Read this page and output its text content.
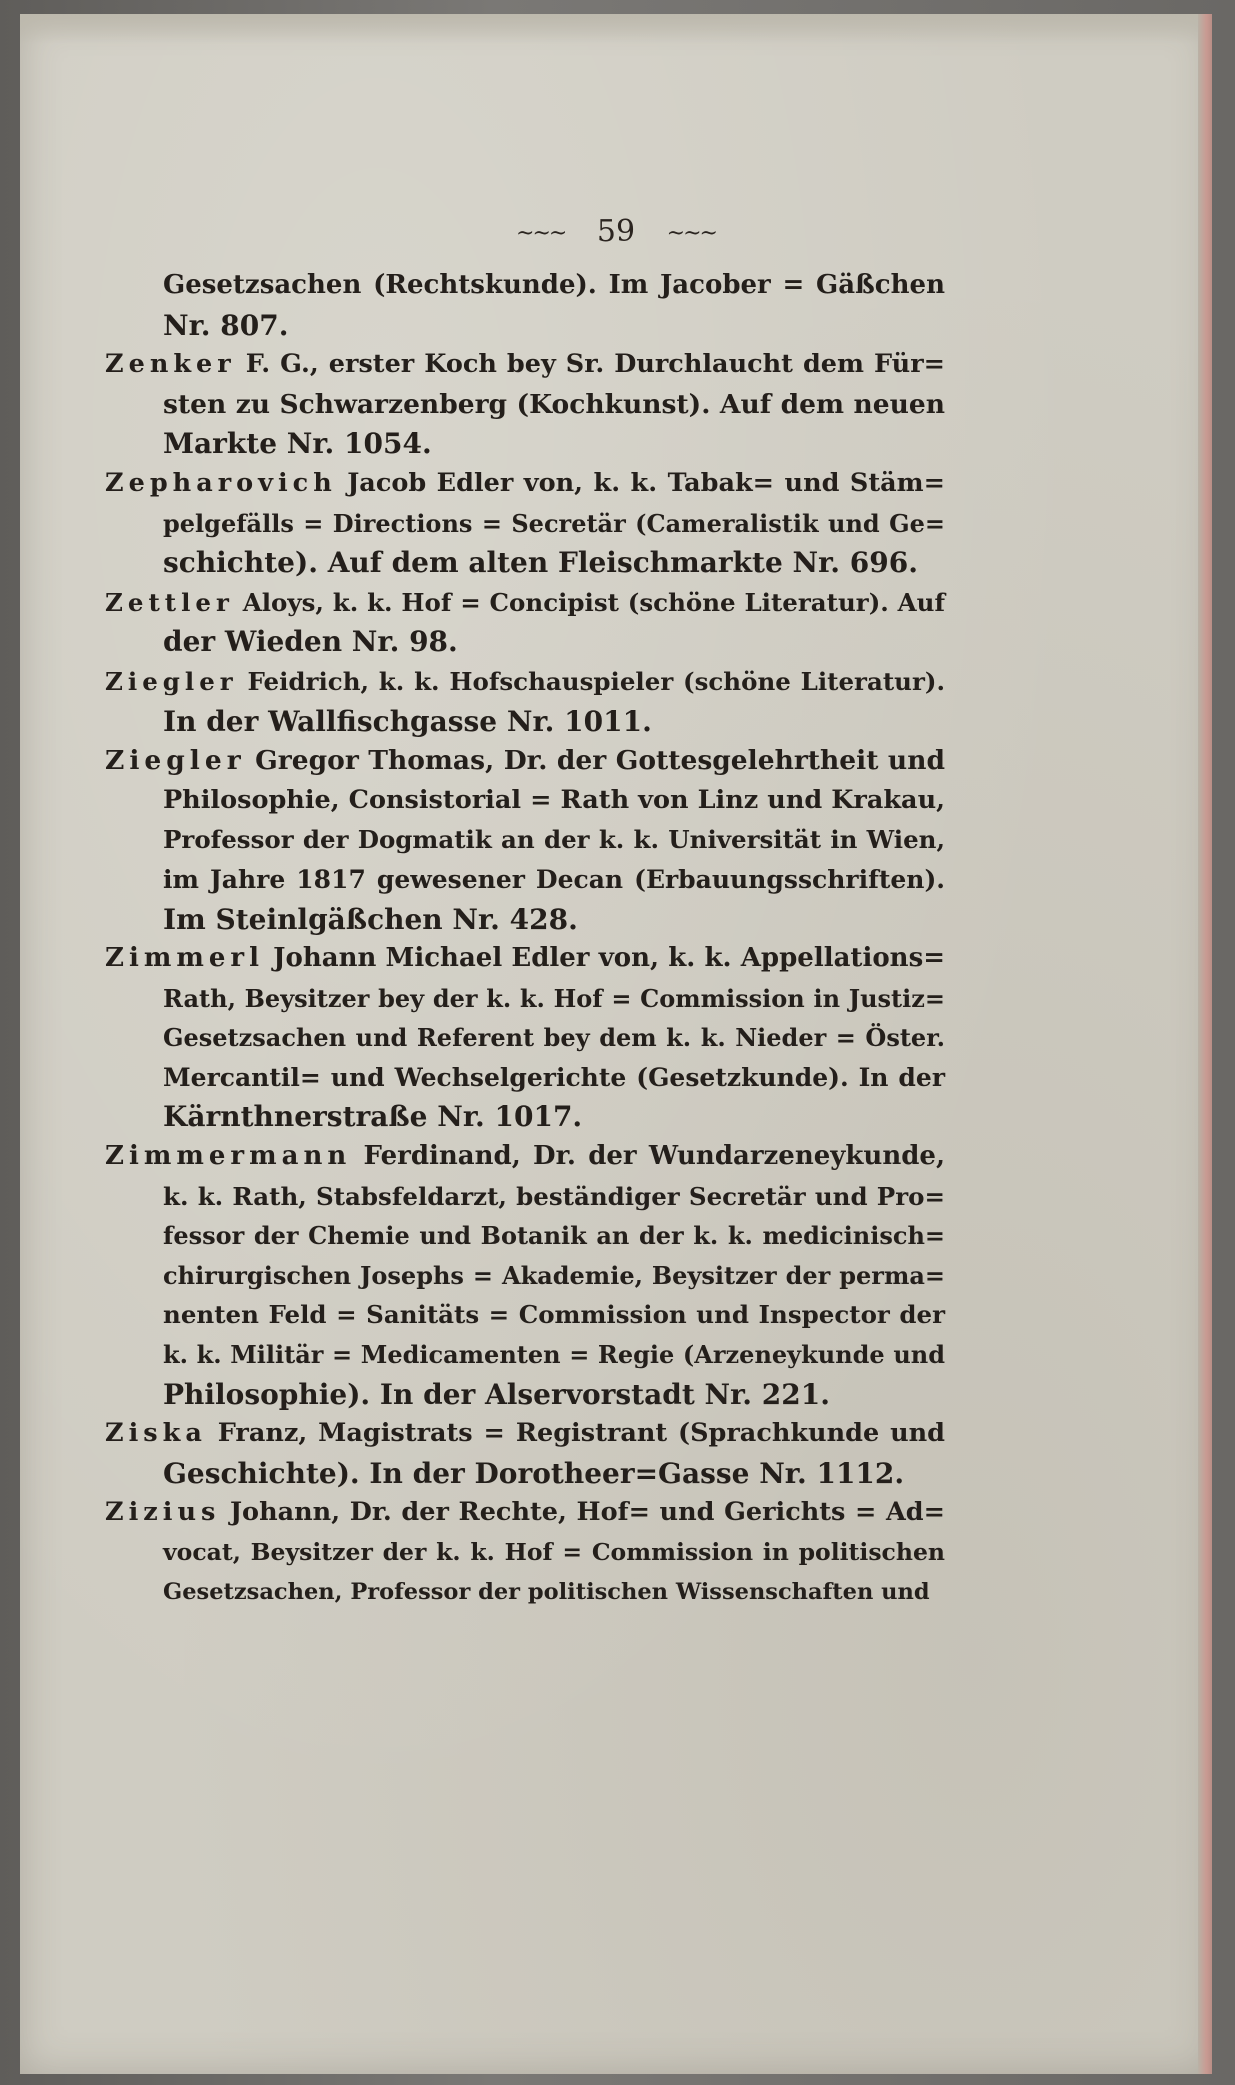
~~~ 59 ~~~
Gesetzsachen (Rechtskunde). Im Jacober = Gäßchen
Nr. 807.
Zenker F. G., erster Koch bey Sr. Durchlaucht dem Für=
sten zu Schwarzenberg (Kochkunst). Auf dem neuen
Markte Nr. 1054.
Zepharovich Jacob Edler von, k. k. Tabak= und Stäm=
pelgefälls = Directions = Secretär (Cameralistik und Ge=
schichte). Auf dem alten Fleischmarkte Nr. 696.
Zettler Aloys, k. k. Hof = Concipist (schöne Literatur). Auf
der Wieden Nr. 98.
Ziegler Feidrich, k. k. Hofschauspieler (schöne Literatur).
In der Wallfischgasse Nr. 1011.
Ziegler Gregor Thomas, Dr. der Gottesgelehrtheit und
Philosophie, Consistorial = Rath von Linz und Krakau,
Professor der Dogmatik an der k. k. Universität in Wien,
im Jahre 1817 gewesener Decan (Erbauungsschriften).
Im Steinlgäßchen Nr. 428.
Zimmerl Johann Michael Edler von, k. k. Appellations=
Rath, Beysitzer bey der k. k. Hof = Commission in Justiz=
Gesetzsachen und Referent bey dem k. k. Nieder = Öster.
Mercantil= und Wechselgerichte (Gesetzkunde). In der
Kärnthnerstraße Nr. 1017.
Zimmermann Ferdinand, Dr. der Wundarzeneykunde,
k. k. Rath, Stabsfeldarzt, beständiger Secretär und Pro=
fessor der Chemie und Botanik an der k. k. medicinisch=
chirurgischen Josephs = Akademie, Beysitzer der perma=
nenten Feld = Sanitäts = Commission und Inspector der
k. k. Militär = Medicamenten = Regie (Arzeneykunde und
Philosophie). In der Alservorstadt Nr. 221.
Ziska Franz, Magistrats = Registrant (Sprachkunde und
Geschichte). In der Dorotheer=Gasse Nr. 1112.
Zizius Johann, Dr. der Rechte, Hof= und Gerichts = Ad=
vocat, Beysitzer der k. k. Hof = Commission in politischen
Gesetzsachen, Professor der politischen Wissenschaften und
